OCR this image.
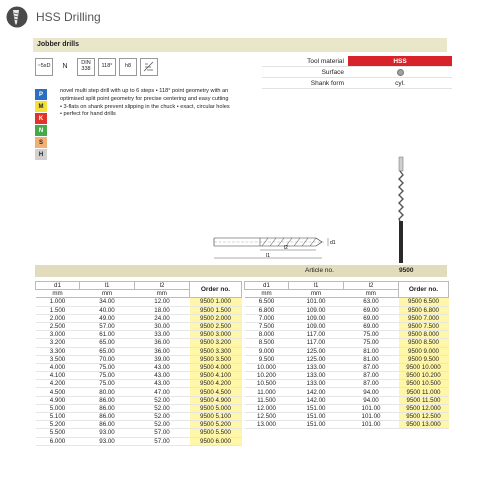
HSS Drilling
Jobber drills
~5xD	N
DIN
338	118°	h8
Tool material	HSS
Surface
Shank form	cyl.
P
M
K
N
S
H
novel multi step drill with up to 6 steps • 118° point geometry with an
optimised split point geometry for precise centering and easy cutting
• 3-flats on shank prevent slipping in the chuck • exact, circular holes
• perfect for hand drills
d1
l2
l1
Article no.	9500
d1	l1	l2	Order no.
mm	mm	mm	
1.000	34.00	12.00	9500 1.000
1.500	40.00	18.00	9500 1.500
2.000	49.00	24.00	9500 2.000
2.500	57.00	30.00	9500 2.500
3.000	61.00	33.00	9500 3.000
3.200	65.00	36.00	9500 3.200
3.300	65.00	36.00	9500 3.300
3.500	70.00	39.00	9500 3.500
4.000	75.00	43.00	9500 4.000
4.100	75.00	43.00	9500 4.100
4.200	75.00	43.00	9500 4.200
4.500	80.00	47.00	9500 4.500
4.900	86.00	52.00	9500 4.900
5.000	86.00	52.00	9500 5.000
5.100	86.00	52.00	9500 5.100
5.200	86.00	52.00	9500 5.200
5.500	93.00	57.00	9500 5.500
6.000	93.00	57.00	9500 6.000
d1	l1	l2	Order no.
mm	mm	mm	
6.500	101.00	63.00	9500 6.500
6.800	109.00	69.00	9500 6.800
7.000	109.00	69.00	9500 7.000
7.500	109.00	69.00	9500 7.500
8.000	117.00	75.00	9500 8.000
8.500	117.00	75.00	9500 8.500
9.000	125.00	81.00	9500 9.000
9.500	125.00	81.00	9500 9.500
10.000	133.00	87.00	9500 10.000
10.200	133.00	87.00	9500 10.200
10.500	133.00	87.00	9500 10.500
11.000	142.00	94.00	9500 11.000
11.500	142.00	94.00	9500 11.500
12.000	151.00	101.00	9500 12.000
12.500	151.00	101.00	9500 12.500
13.000	151.00	101.00	9500 13.000
